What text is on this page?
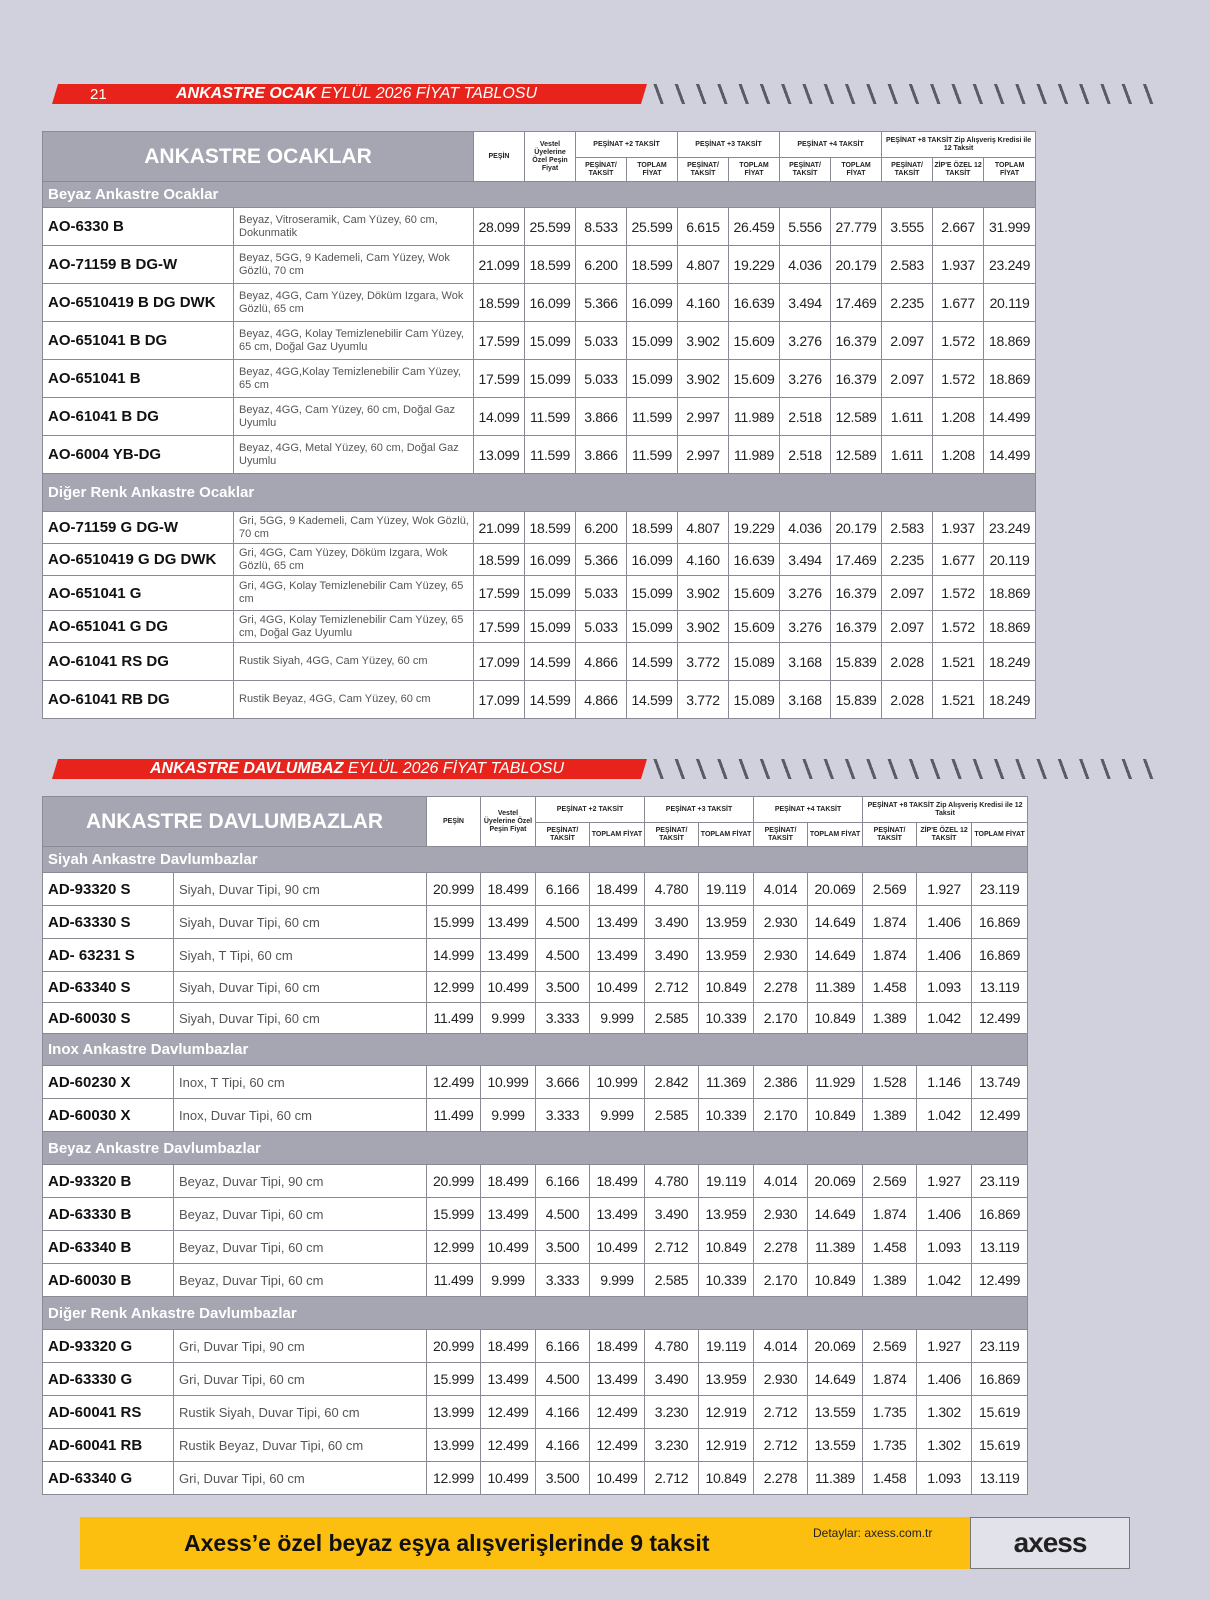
21	ANKASTRE OCAK EYLÜL 2026 FİYAT TABLOSU
ANKASTRE OCAKLAR		PEŞİN	Vestel Üyelerine Özel Peşin Fiyat	PEŞİNAT +2 TAKSİT		PEŞİNAT +3 TAKSİT		PEŞİNAT +4 TAKSİT		PEŞİNAT +8 TAKSİT Zip Alışveriş Kredisi ile 12 Taksit		
				PEŞİNAT/ TAKSİT	TOPLAM FİYAT	PEŞİNAT/ TAKSİT	TOPLAM FİYAT	PEŞİNAT/ TAKSİT	TOPLAM FİYAT	PEŞİNAT/ TAKSİT	ZİP'E ÖZEL 12 TAKSİT	TOPLAM FİYAT
Beyaz Ankastre Ocaklar												
AO-6330 B	Beyaz, Vitroseramik, Cam Yüzey, 60 cm, Dokunmatik	28.099	25.599	8.533	25.599	6.615	26.459	5.556	27.779	3.555	2.667	31.999
AO-71159 B DG-W	Beyaz, 5GG, 9 Kademeli, Cam Yüzey, Wok Gözlü, 70 cm	21.099	18.599	6.200	18.599	4.807	19.229	4.036	20.179	2.583	1.937	23.249
AO-6510419 B DG DWK	Beyaz, 4GG, Cam Yüzey, Döküm Izgara, Wok Gözlü, 65 cm	18.599	16.099	5.366	16.099	4.160	16.639	3.494	17.469	2.235	1.677	20.119
AO-651041 B DG	Beyaz, 4GG, Kolay Temizlenebilir Cam Yüzey, 65 cm, Doğal Gaz Uyumlu	17.599	15.099	5.033	15.099	3.902	15.609	3.276	16.379	2.097	1.572	18.869
AO-651041 B	Beyaz, 4GG,Kolay Temizlenebilir Cam Yüzey, 65 cm	17.599	15.099	5.033	15.099	3.902	15.609	3.276	16.379	2.097	1.572	18.869
AO-61041 B DG	Beyaz, 4GG, Cam Yüzey, 60 cm, Doğal Gaz Uyumlu	14.099	11.599	3.866	11.599	2.997	11.989	2.518	12.589	1.611	1.208	14.499
AO-6004 YB-DG	Beyaz, 4GG, Metal Yüzey, 60 cm, Doğal Gaz Uyumlu	13.099	11.599	3.866	11.599	2.997	11.989	2.518	12.589	1.611	1.208	14.499
Diğer Renk Ankastre Ocaklar												
AO-71159 G DG-W	Gri, 5GG, 9 Kademeli, Cam Yüzey, Wok Gözlü, 70 cm	21.099	18.599	6.200	18.599	4.807	19.229	4.036	20.179	2.583	1.937	23.249
AO-6510419 G DG DWK	Gri, 4GG, Cam Yüzey, Döküm Izgara, Wok Gözlü, 65 cm	18.599	16.099	5.366	16.099	4.160	16.639	3.494	17.469	2.235	1.677	20.119
AO-651041 G	Gri, 4GG, Kolay Temizlenebilir Cam Yüzey, 65 cm	17.599	15.099	5.033	15.099	3.902	15.609	3.276	16.379	2.097	1.572	18.869
AO-651041 G DG	Gri, 4GG, Kolay Temizlenebilir Cam Yüzey, 65 cm, Doğal Gaz Uyumlu	17.599	15.099	5.033	15.099	3.902	15.609	3.276	16.379	2.097	1.572	18.869
AO-61041 RS DG	Rustik Siyah, 4GG, Cam Yüzey, 60 cm	17.099	14.599	4.866	14.599	3.772	15.089	3.168	15.839	2.028	1.521	18.249
AO-61041 RB DG	Rustik Beyaz, 4GG, Cam Yüzey, 60 cm	17.099	14.599	4.866	14.599	3.772	15.089	3.168	15.839	2.028	1.521	18.249
ANKASTRE DAVLUMBAZ EYLÜL 2026 FİYAT TABLOSU
ANKASTRE DAVLUMBAZLAR		PEŞİN	Vestel Üyelerine Özel Peşin Fiyat	PEŞİNAT +2 TAKSİT		PEŞİNAT +3 TAKSİT		PEŞİNAT +4 TAKSİT		PEŞİNAT +8 TAKSİT Zip Alışveriş Kredisi ile 12 Taksit		
				PEŞİNAT/ TAKSİT	TOPLAM FİYAT	PEŞİNAT/ TAKSİT	TOPLAM FİYAT	PEŞİNAT/ TAKSİT	TOPLAM FİYAT	PEŞİNAT/ TAKSİT	ZİP'E ÖZEL 12 TAKSİT	TOPLAM FİYAT
Siyah Ankastre Davlumbazlar												
AD-93320 S	Siyah, Duvar Tipi, 90 cm	20.999	18.499	6.166	18.499	4.780	19.119	4.014	20.069	2.569	1.927	23.119
AD-63330 S	Siyah, Duvar Tipi, 60 cm	15.999	13.499	4.500	13.499	3.490	13.959	2.930	14.649	1.874	1.406	16.869
AD- 63231 S	Siyah, T Tipi, 60 cm	14.999	13.499	4.500	13.499	3.490	13.959	2.930	14.649	1.874	1.406	16.869
AD-63340 S	Siyah, Duvar Tipi, 60 cm	12.999	10.499	3.500	10.499	2.712	10.849	2.278	11.389	1.458	1.093	13.119
AD-60030 S	Siyah, Duvar Tipi, 60 cm	11.499	9.999	3.333	9.999	2.585	10.339	2.170	10.849	1.389	1.042	12.499
Inox Ankastre Davlumbazlar												
AD-60230 X	Inox, T Tipi, 60 cm	12.499	10.999	3.666	10.999	2.842	11.369	2.386	11.929	1.528	1.146	13.749
AD-60030 X	Inox, Duvar Tipi, 60 cm	11.499	9.999	3.333	9.999	2.585	10.339	2.170	10.849	1.389	1.042	12.499
Beyaz Ankastre Davlumbazlar												
AD-93320 B	Beyaz, Duvar Tipi, 90 cm	20.999	18.499	6.166	18.499	4.780	19.119	4.014	20.069	2.569	1.927	23.119
AD-63330 B	Beyaz, Duvar Tipi, 60 cm	15.999	13.499	4.500	13.499	3.490	13.959	2.930	14.649	1.874	1.406	16.869
AD-63340 B	Beyaz, Duvar Tipi, 60 cm	12.999	10.499	3.500	10.499	2.712	10.849	2.278	11.389	1.458	1.093	13.119
AD-60030 B	Beyaz, Duvar Tipi, 60 cm	11.499	9.999	3.333	9.999	2.585	10.339	2.170	10.849	1.389	1.042	12.499
Diğer Renk Ankastre Davlumbazlar												
AD-93320 G	Gri, Duvar Tipi, 90 cm	20.999	18.499	6.166	18.499	4.780	19.119	4.014	20.069	2.569	1.927	23.119
AD-63330 G	Gri, Duvar Tipi, 60 cm	15.999	13.499	4.500	13.499	3.490	13.959	2.930	14.649	1.874	1.406	16.869
AD-60041 RS	Rustik Siyah, Duvar Tipi, 60 cm	13.999	12.499	4.166	12.499	3.230	12.919	2.712	13.559	1.735	1.302	15.619
AD-60041 RB	Rustik Beyaz, Duvar Tipi, 60 cm	13.999	12.499	4.166	12.499	3.230	12.919	2.712	13.559	1.735	1.302	15.619
AD-63340 G	Gri, Duvar Tipi, 60 cm	12.999	10.499	3.500	10.499	2.712	10.849	2.278	11.389	1.458	1.093	13.119
Axess’e özel beyaz eşya alışverişlerinde 9 taksit	Detaylar: axess.com.tr	axess
